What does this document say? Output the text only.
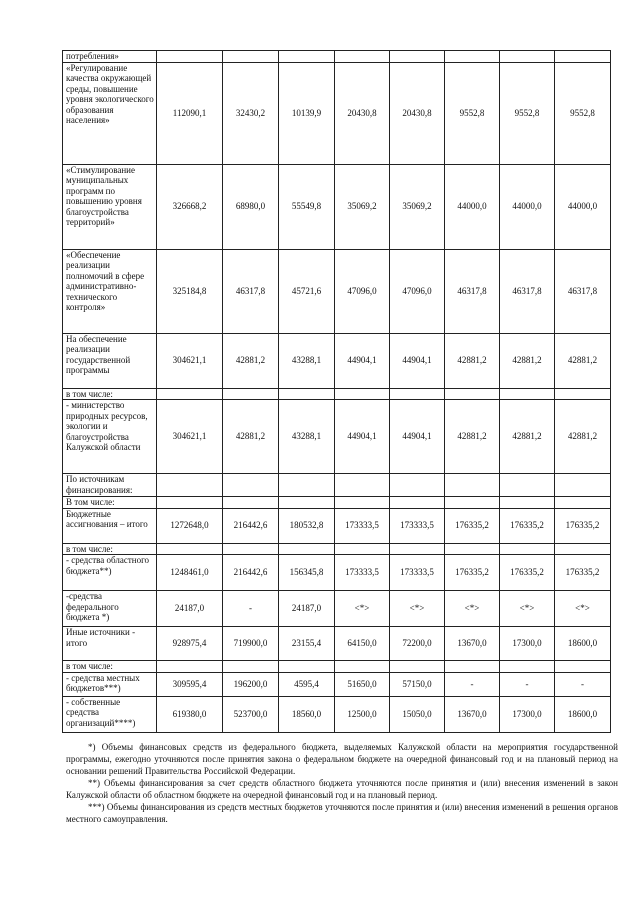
потребления»								
«Регулирование качества окружающей среды, повышение уровня экологического образования населения»	112090,1	32430,2	10139,9	20430,8	20430,8	9552,8	9552,8	9552,8
«Стимулирование муниципальных программ по повышению уровня благоустройства территорий»	326668,2	68980,0	55549,8	35069,2	35069,2	44000,0	44000,0	44000,0
«Обеспечение реализации полномочий в сфере административно-технического контроля»	325184,8	46317,8	45721,6	47096,0	47096,0	46317,8	46317,8	46317,8
На обеспечение реализации государственной программы	304621,1	42881,2	43288,1	44904,1	44904,1	42881,2	42881,2	42881,2
в том числе:								
- министерство природных ресурсов, экологии и благоустройства Калужской области	304621,1	42881,2	43288,1	44904,1	44904,1	42881,2	42881,2	42881,2
По источникам финансирования:								
В том числе:								
Бюджетные ассигнования – итого	1272648,0	216442,6	180532,8	173333,5	173333,5	176335,2	176335,2	176335,2
в том числе:								
- средства областного бюджета**)	1248461,0	216442,6	156345,8	173333,5	173333,5	176335,2	176335,2	176335,2
-средства федерального бюджета *)	24187,0	-	24187,0	<*>	<*>	<*>	<*>	<*>
Иные источники - итого	928975,4	719900,0	23155,4	64150,0	72200,0	13670,0	17300,0	18600,0
в том числе:								
- средства местных бюджетов***)	309595,4	196200,0	4595,4	51650,0	57150,0	-	-	-
- собственные средства организаций****)	619380,0	523700,0	18560,0	12500,0	15050,0	13670,0	17300,0	18600,0

*) Объемы финансовых средств из федерального бюджета, выделяемых Калужской области на мероприятия государственной программы, ежегодно уточняются после принятия закона о федеральном бюджете на очередной финансовый год и на плановый период на основании решений Правительства Российской Федерации.

**) Объемы финансирования за счет средств областного бюджета уточняются после принятия и (или) внесения изменений в закон Калужской области об областном бюджете на очередной финансовый год и на плановый период.

***) Объемы финансирования из средств местных бюджетов уточняются после принятия и (или) внесения изменений в решения органов местного самоуправления.
